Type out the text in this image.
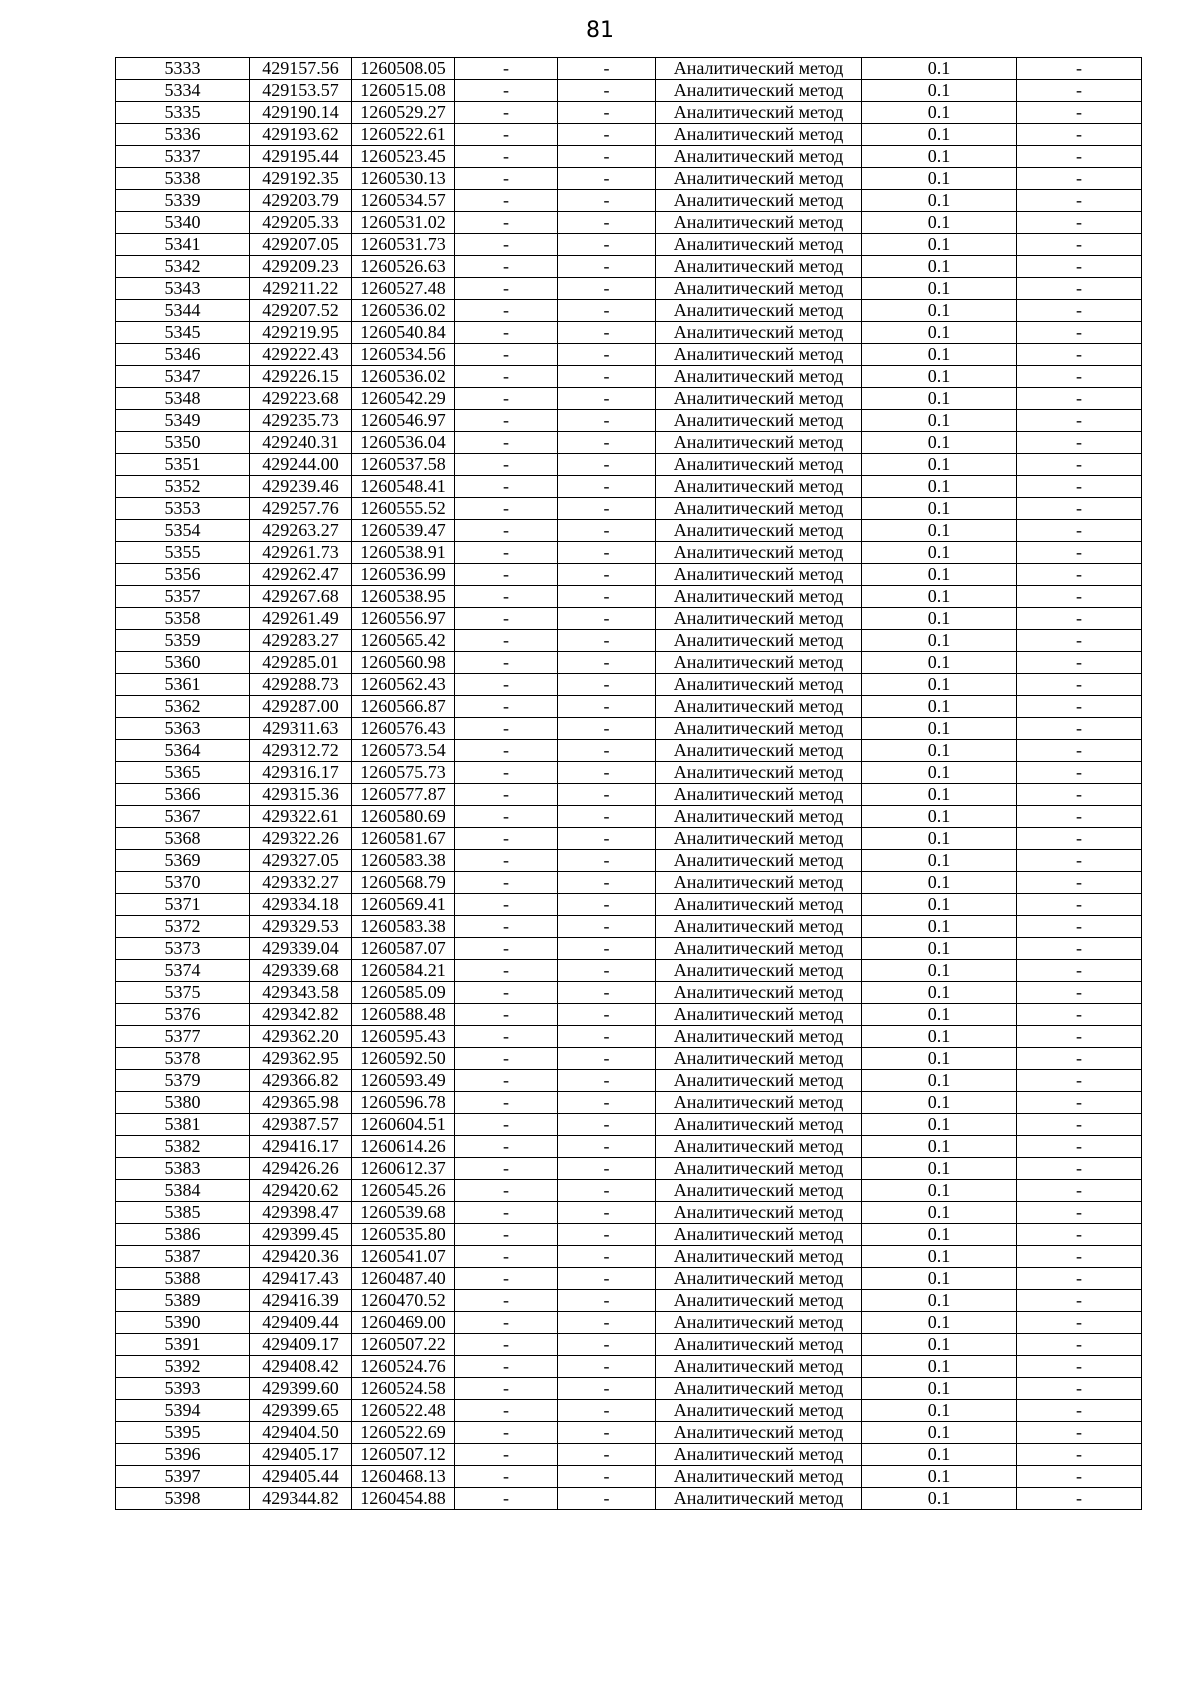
81
5333	429157.56	1260508.05	-	-	Аналитический метод	0.1	-
5334	429153.57	1260515.08	-	-	Аналитический метод	0.1	-
5335	429190.14	1260529.27	-	-	Аналитический метод	0.1	-
5336	429193.62	1260522.61	-	-	Аналитический метод	0.1	-
5337	429195.44	1260523.45	-	-	Аналитический метод	0.1	-
5338	429192.35	1260530.13	-	-	Аналитический метод	0.1	-
5339	429203.79	1260534.57	-	-	Аналитический метод	0.1	-
5340	429205.33	1260531.02	-	-	Аналитический метод	0.1	-
5341	429207.05	1260531.73	-	-	Аналитический метод	0.1	-
5342	429209.23	1260526.63	-	-	Аналитический метод	0.1	-
5343	429211.22	1260527.48	-	-	Аналитический метод	0.1	-
5344	429207.52	1260536.02	-	-	Аналитический метод	0.1	-
5345	429219.95	1260540.84	-	-	Аналитический метод	0.1	-
5346	429222.43	1260534.56	-	-	Аналитический метод	0.1	-
5347	429226.15	1260536.02	-	-	Аналитический метод	0.1	-
5348	429223.68	1260542.29	-	-	Аналитический метод	0.1	-
5349	429235.73	1260546.97	-	-	Аналитический метод	0.1	-
5350	429240.31	1260536.04	-	-	Аналитический метод	0.1	-
5351	429244.00	1260537.58	-	-	Аналитический метод	0.1	-
5352	429239.46	1260548.41	-	-	Аналитический метод	0.1	-
5353	429257.76	1260555.52	-	-	Аналитический метод	0.1	-
5354	429263.27	1260539.47	-	-	Аналитический метод	0.1	-
5355	429261.73	1260538.91	-	-	Аналитический метод	0.1	-
5356	429262.47	1260536.99	-	-	Аналитический метод	0.1	-
5357	429267.68	1260538.95	-	-	Аналитический метод	0.1	-
5358	429261.49	1260556.97	-	-	Аналитический метод	0.1	-
5359	429283.27	1260565.42	-	-	Аналитический метод	0.1	-
5360	429285.01	1260560.98	-	-	Аналитический метод	0.1	-
5361	429288.73	1260562.43	-	-	Аналитический метод	0.1	-
5362	429287.00	1260566.87	-	-	Аналитический метод	0.1	-
5363	429311.63	1260576.43	-	-	Аналитический метод	0.1	-
5364	429312.72	1260573.54	-	-	Аналитический метод	0.1	-
5365	429316.17	1260575.73	-	-	Аналитический метод	0.1	-
5366	429315.36	1260577.87	-	-	Аналитический метод	0.1	-
5367	429322.61	1260580.69	-	-	Аналитический метод	0.1	-
5368	429322.26	1260581.67	-	-	Аналитический метод	0.1	-
5369	429327.05	1260583.38	-	-	Аналитический метод	0.1	-
5370	429332.27	1260568.79	-	-	Аналитический метод	0.1	-
5371	429334.18	1260569.41	-	-	Аналитический метод	0.1	-
5372	429329.53	1260583.38	-	-	Аналитический метод	0.1	-
5373	429339.04	1260587.07	-	-	Аналитический метод	0.1	-
5374	429339.68	1260584.21	-	-	Аналитический метод	0.1	-
5375	429343.58	1260585.09	-	-	Аналитический метод	0.1	-
5376	429342.82	1260588.48	-	-	Аналитический метод	0.1	-
5377	429362.20	1260595.43	-	-	Аналитический метод	0.1	-
5378	429362.95	1260592.50	-	-	Аналитический метод	0.1	-
5379	429366.82	1260593.49	-	-	Аналитический метод	0.1	-
5380	429365.98	1260596.78	-	-	Аналитический метод	0.1	-
5381	429387.57	1260604.51	-	-	Аналитический метод	0.1	-
5382	429416.17	1260614.26	-	-	Аналитический метод	0.1	-
5383	429426.26	1260612.37	-	-	Аналитический метод	0.1	-
5384	429420.62	1260545.26	-	-	Аналитический метод	0.1	-
5385	429398.47	1260539.68	-	-	Аналитический метод	0.1	-
5386	429399.45	1260535.80	-	-	Аналитический метод	0.1	-
5387	429420.36	1260541.07	-	-	Аналитический метод	0.1	-
5388	429417.43	1260487.40	-	-	Аналитический метод	0.1	-
5389	429416.39	1260470.52	-	-	Аналитический метод	0.1	-
5390	429409.44	1260469.00	-	-	Аналитический метод	0.1	-
5391	429409.17	1260507.22	-	-	Аналитический метод	0.1	-
5392	429408.42	1260524.76	-	-	Аналитический метод	0.1	-
5393	429399.60	1260524.58	-	-	Аналитический метод	0.1	-
5394	429399.65	1260522.48	-	-	Аналитический метод	0.1	-
5395	429404.50	1260522.69	-	-	Аналитический метод	0.1	-
5396	429405.17	1260507.12	-	-	Аналитический метод	0.1	-
5397	429405.44	1260468.13	-	-	Аналитический метод	0.1	-
5398	429344.82	1260454.88	-	-	Аналитический метод	0.1	-
